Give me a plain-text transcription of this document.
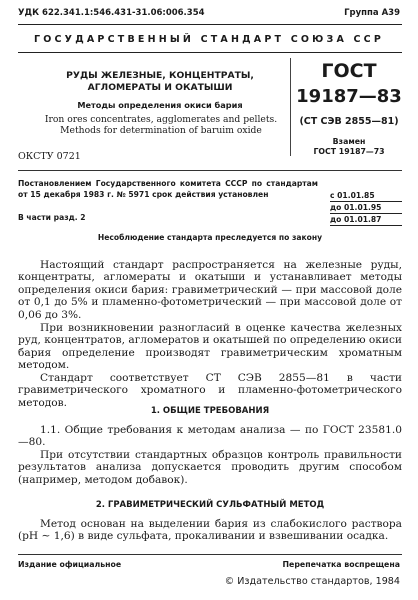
УДК 622.341.1:546.431-31.06:006.354	Группа А39
ГОСУДАРСТВЕННЫЙ СТАНДАРТ СОЮЗА ССР
РУДЫ ЖЕЛЕЗНЫЕ, КОНЦЕНТРАТЫ,
АГЛОМЕРАТЫ И ОКАТЫШИ
Методы определения окиси бария
Iron ores concentrates, agglomerates and pellets.
Methods for determination of baruim oxide
ГОСТ
19187—83
(СТ СЭВ 2855—81)
Взамен
ГОСТ 19187—73
ОКСТУ 0721
Постановлением Государственного комитета СССР по стандартам от 15 декабря 1983 г. № 5971 срок действия установлен	с 01.01.85
до 01.01.95
до 01.01.87
В части разд. 2
Несоблюдение стандарта преследуется по закону
Настоящий стандарт распространяется на железные руды, концентраты, агломераты и окатыши и устанавливает методы определения окиси бария: гравиметрический — при массовой доле от 0,1 до 5% и пламенно-фотометрический — при массовой доле от 0,06 до 3%.
При возникновении разногласий в оценке качества железных руд, концентратов, агломератов и окатышей по определению окиси бария определение производят гравиметрическим хроматным методом.
Стандарт соответствует СТ СЭВ 2855—81 в части гравиметрического хроматного и пламенно-фотометрического методов.
1. ОБЩИЕ ТРЕБОВАНИЯ
1.1. Общие требования к методам анализа — по ГОСТ 23581.0—80.
При отсутствии стандартных образцов контроль правильности результатов анализа допускается проводить другим способом (например, методом добавок).
2. ГРАВИМЕТРИЧЕСКИЙ СУЛЬФАТНЫЙ МЕТОД
Метод основан на выделении бария из слабокислого раствора (pH ∼ 1,6) в виде сульфата, прокаливании и взвешивании осадка.
Издание официальное	Перепечатка воспрещена
© Издательство стандартов, 1984
